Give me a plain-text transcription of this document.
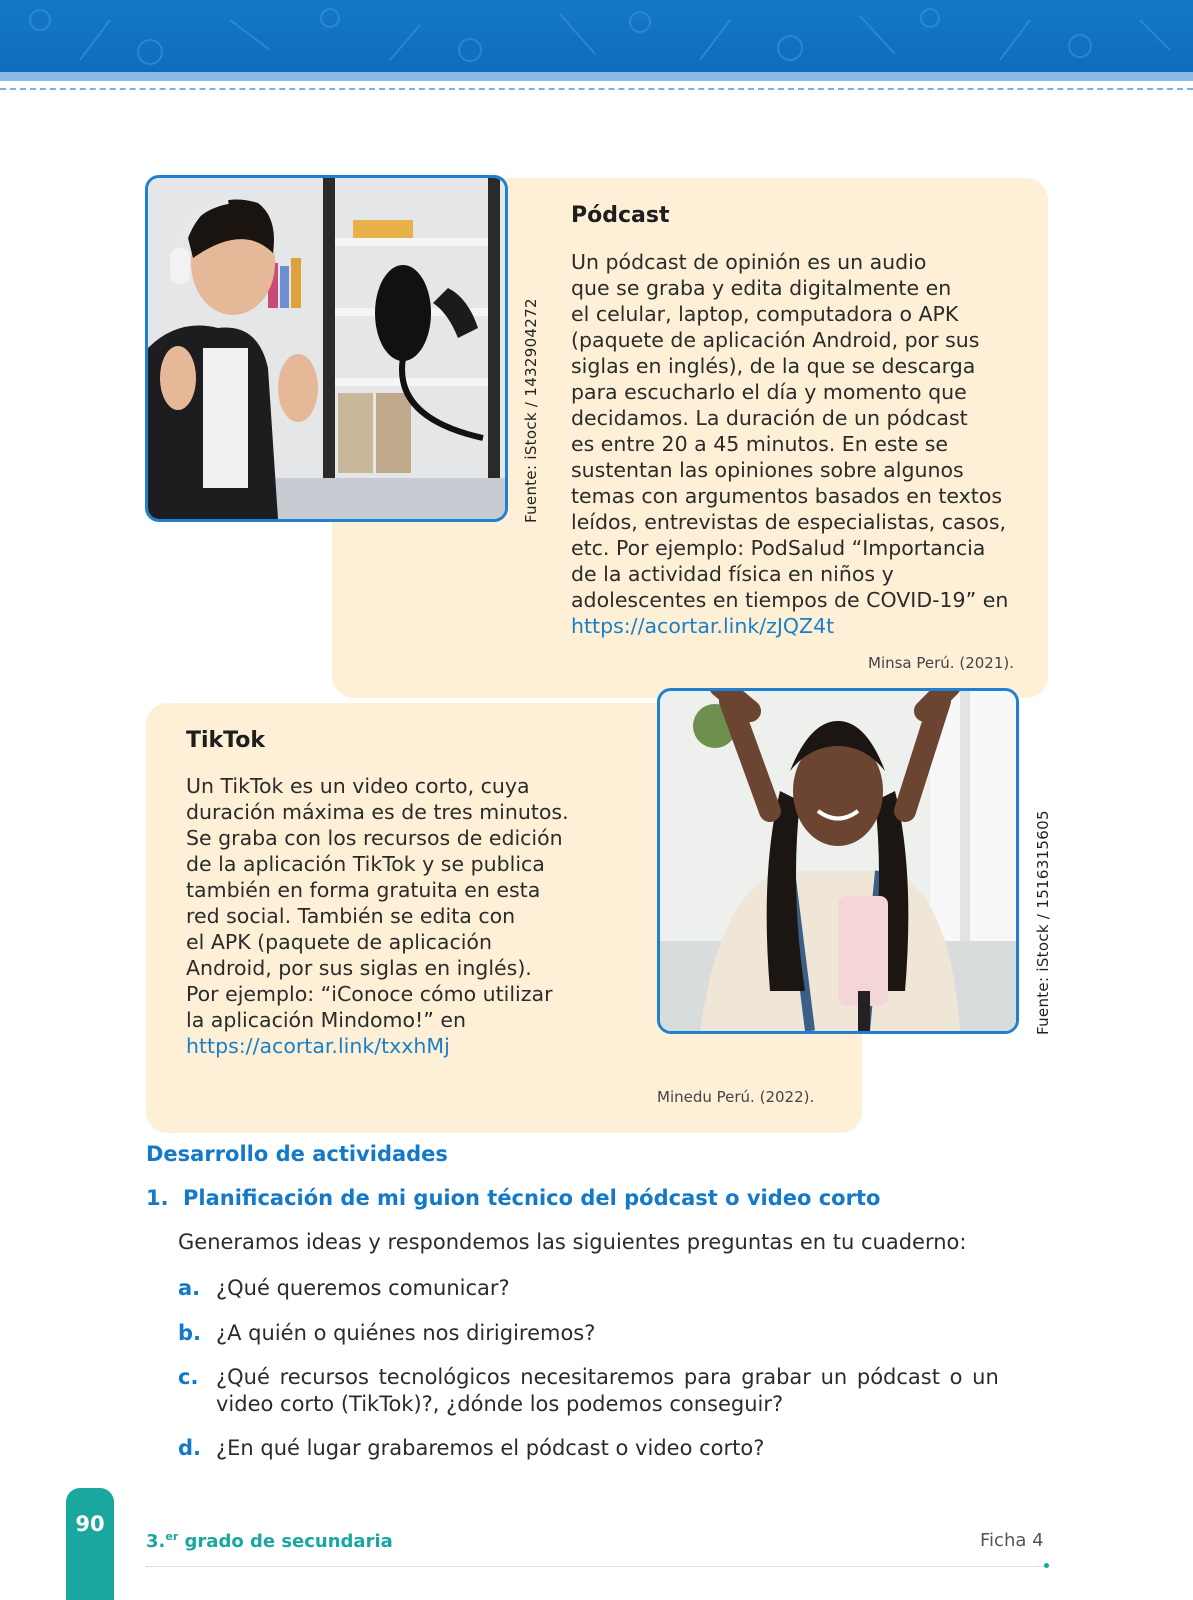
Fuente: iStock / 1432904272
Pódcast
Un pódcast de opinión es un audio
que se graba y edita digitalmente en
el celular, laptop, computadora o APK
(paquete de aplicación Android, por sus
siglas en inglés), de la que se descarga
para escucharlo el día y momento que
decidamos. La duración de un pódcast
es entre 20 a 45 minutos. En este se
sustentan las opiniones sobre algunos
temas con argumentos basados en textos
leídos, entrevistas de especialistas, casos,
etc. Por ejemplo: PodSalud “Importancia
de la actividad física en niños y
adolescentes en tiempos de COVID-19” en
https://acortar.link/zJQZ4t
Minsa Perú. (2021).
Fuente: iStock / 1516315605
TikTok
Un TikTok es un video corto, cuya
duración máxima es de tres minutos.
Se graba con los recursos de edición
de la aplicación TikTok y se publica
también en forma gratuita en esta
red social. También se edita con
el APK (paquete de aplicación
Android, por sus siglas en inglés).
Por ejemplo: “iConoce cómo utilizar
la aplicación Mindomo!” en
https://acortar.link/txxhMj
Minedu Perú. (2022).
Desarrollo de actividades
1. Planificación de mi guion técnico del pódcast o video corto
Generamos ideas y respondemos las siguientes preguntas en tu cuaderno:
a. ¿Qué queremos comunicar?
b. ¿A quién o quiénes nos dirigiremos?
c. ¿Qué recursos tecnológicos necesitaremos para grabar un pódcast o un
video corto (TikTok)?, ¿dónde los podemos conseguir?
d. ¿En qué lugar grabaremos el pódcast o video corto?
90
3.$^{er}$ grado de secundaria	Ficha 4
